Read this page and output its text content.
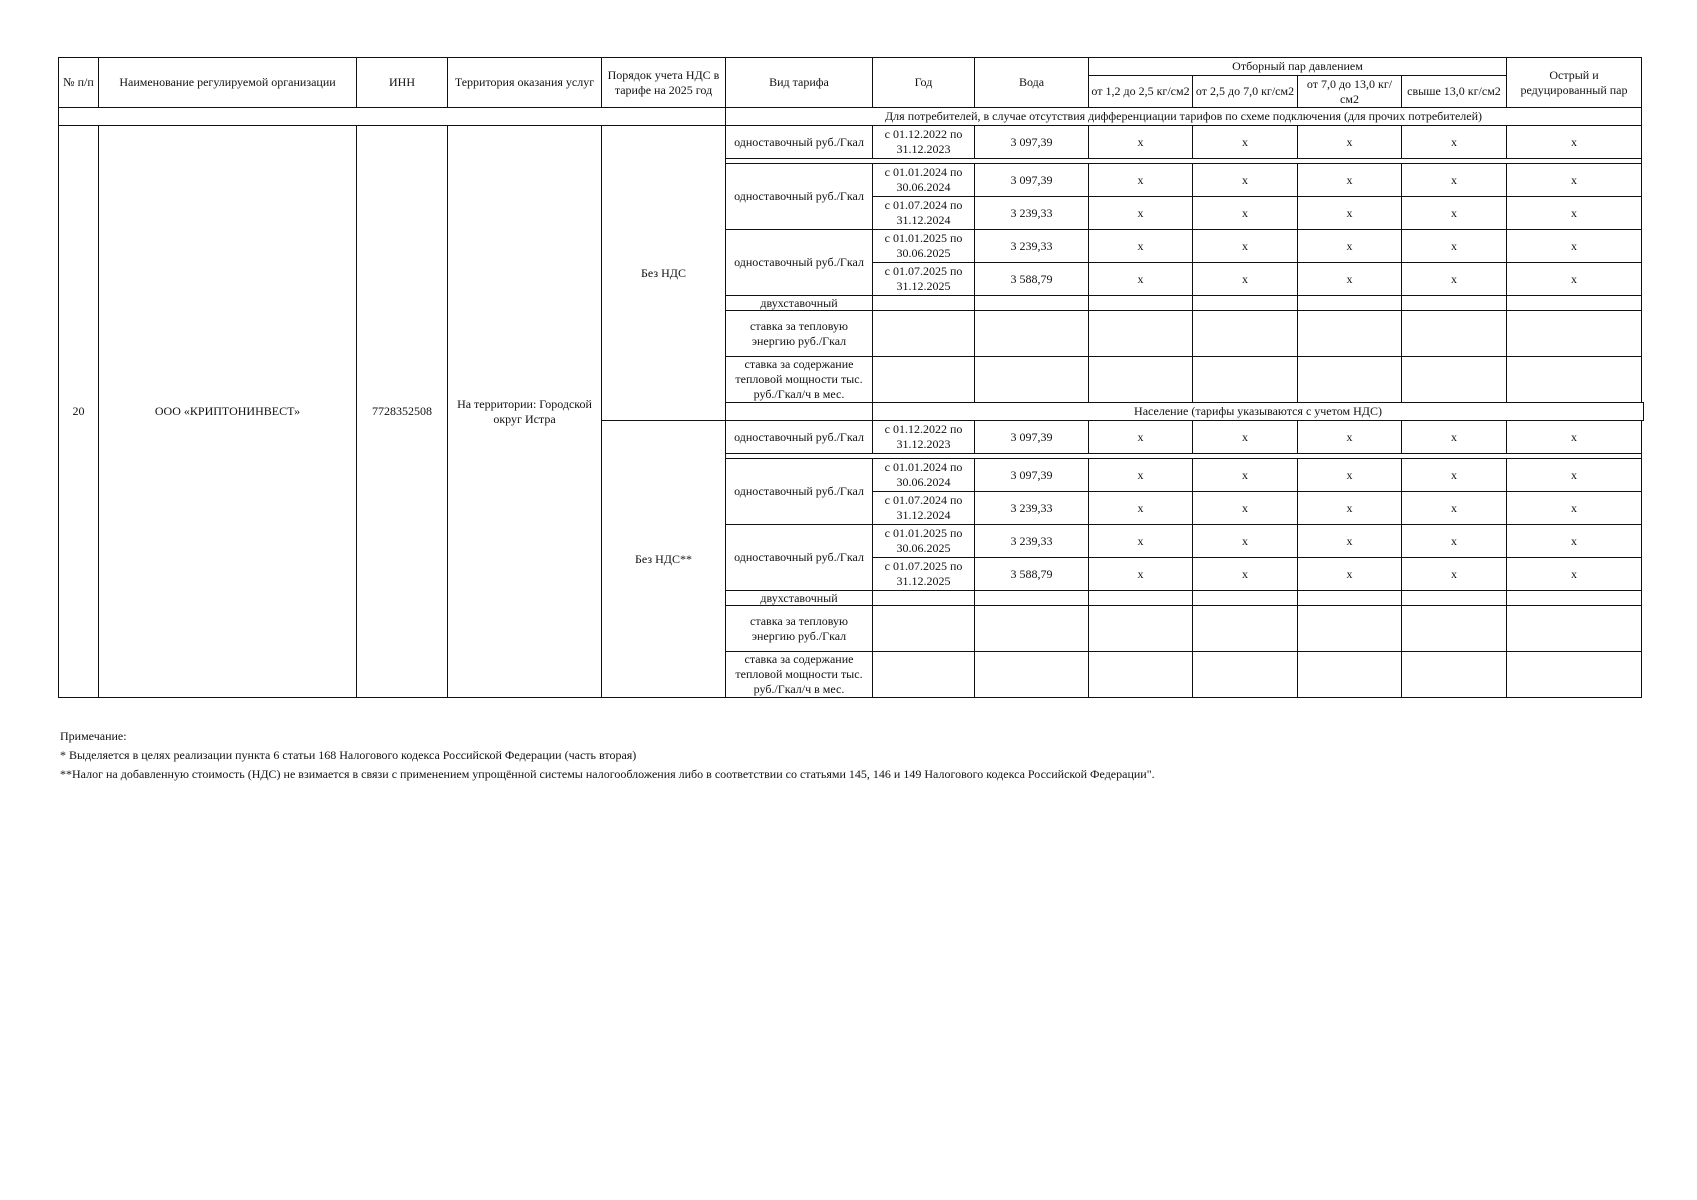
№ п/п	Наименование регулируемой организации	ИНН	Территория оказания услуг	Порядок учета НДС в тарифе на 2025 год	Вид тарифа	Год	Вода	Отборный пар давлением				Острый и редуцированный пар
								от 1,2 до 2,5 кг/см2	от 2,5 до 7,0 кг/см2	от 7,0 до 13,0 кг/см2	свыше 13,0 кг/см2	
					Для потребителей, в случае отсутствия дифференциации тарифов по схеме подключения (для прочих потребителей)							
20	ООО «КРИПТОНИНВЕСТ»	7728352508	На территории: Городской округ Истра	Без НДС	одноставочный руб./Гкал	с 01.12.2022 по 31.12.2023	3 097,39	x	x	x	x	x

					одноставочный руб./Гкал	с 01.01.2024 по 30.06.2024	3 097,39	x	x	x	x	x
						с 01.07.2024 по 31.12.2024	3 239,33	x	x	x	x	x
					одноставочный руб./Гкал	с 01.01.2025 по 30.06.2025	3 239,33	x	x	x	x	x
						с 01.07.2025 по 31.12.2025	3 588,79	x	x	x	x	x
					двухставочный							
					ставка за тепловую энергию руб./Гкал							
					ставка за содержание тепловой мощности тыс. руб./Гкал/ч в мес.							
						Население (тарифы указываются с учетом НДС)						
				Без НДС**	одноставочный руб./Гкал	с 01.12.2022 по 31.12.2023	3 097,39	x	x	x	x	x

					одноставочный руб./Гкал	с 01.01.2024 по 30.06.2024	3 097,39	x	x	x	x	x
						с 01.07.2024 по 31.12.2024	3 239,33	x	x	x	x	x
					одноставочный руб./Гкал	с 01.01.2025 по 30.06.2025	3 239,33	x	x	x	x	x
						с 01.07.2025 по 31.12.2025	3 588,79	x	x	x	x	x
					двухставочный							
					ставка за тепловую энергию руб./Гкал							
					ставка за содержание тепловой мощности тыс. руб./Гкал/ч в мес.							
Примечание:
* Выделяется в целях реализации пункта 6 статьи 168 Налогового кодекса Российской Федерации (часть вторая)
**Налог на добавленную стоимость (НДС) не взимается в связи с применением упрощённой системы налогообложения либо в соответствии со статьями 145, 146 и 149 Налогового кодекса Российской Федерации".
